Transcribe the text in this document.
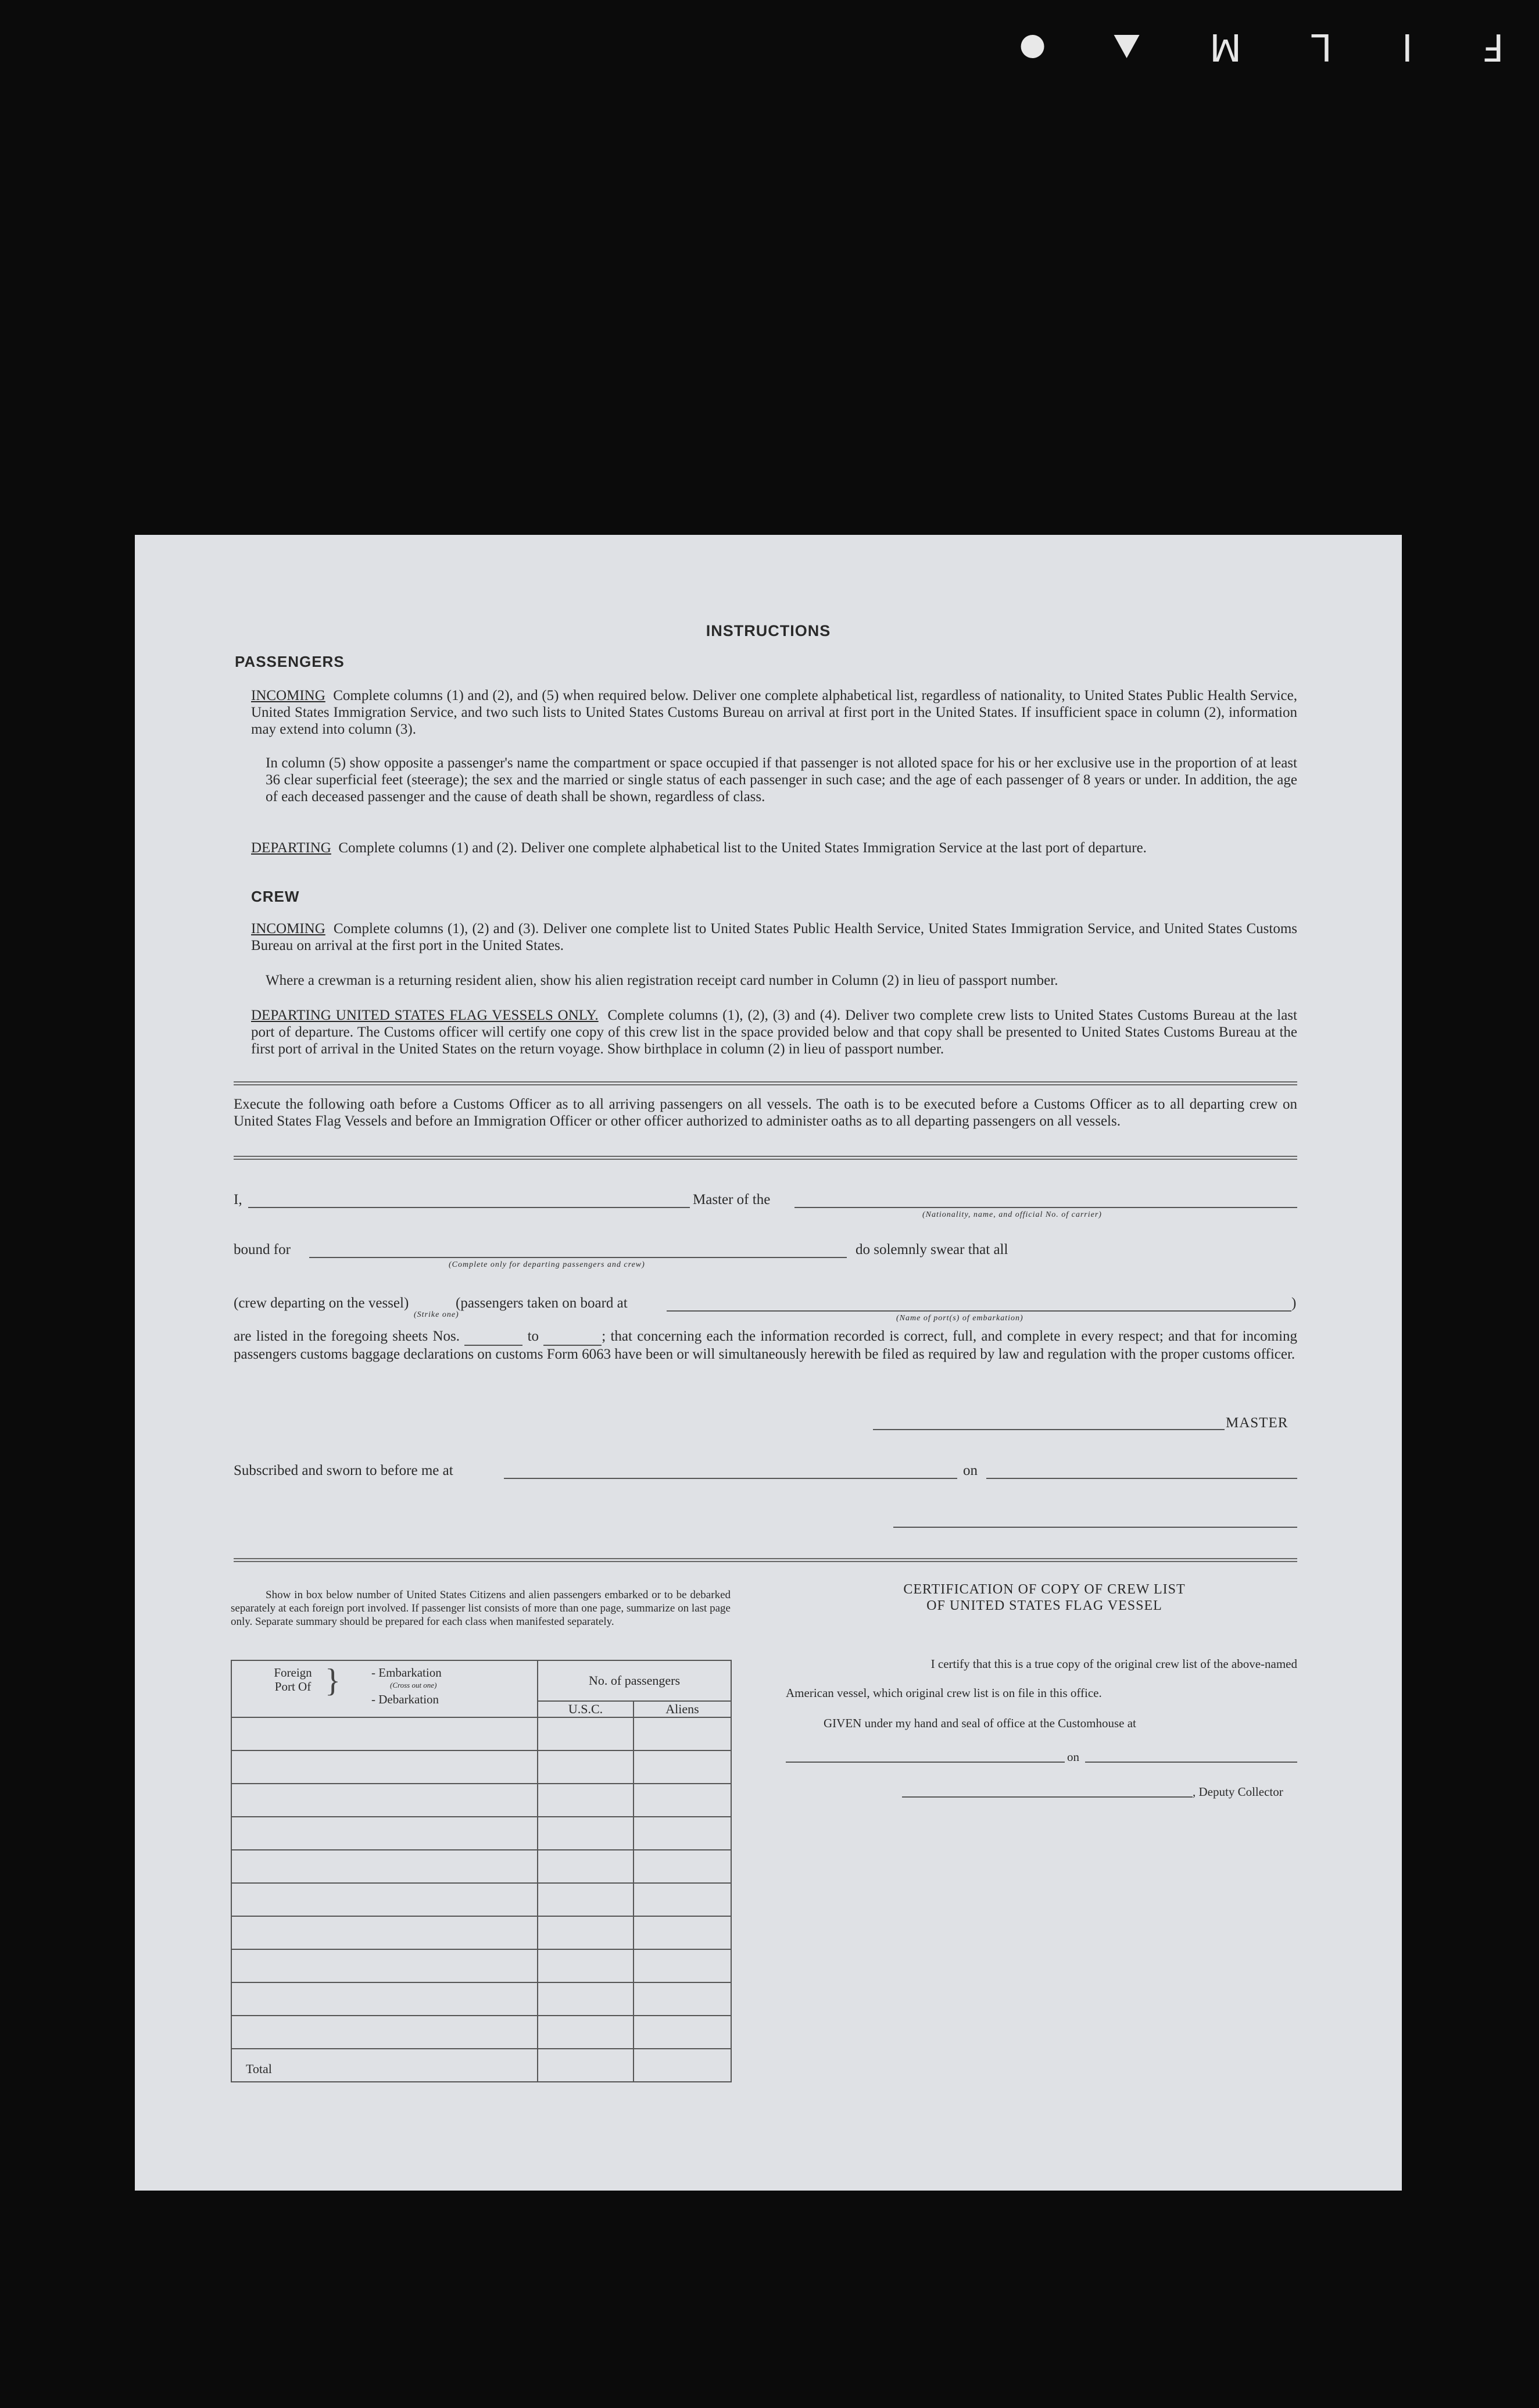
F
I
L
M
INSTRUCTIONS
PASSENGERS
INCOMING Complete columns (1) and (2), and (5) when required below. Deliver one complete alphabetical list, regardless of nationality, to United States Public Health Service, United States Immigration Service, and two such lists to United States Customs Bureau on arrival at first port in the United States. If insufficient space in column (2), information may extend into column (3).
In column (5) show opposite a passenger's name the compartment or space occupied if that passenger is not alloted space for his or her exclusive use in the proportion of at least 36 clear superficial feet (steerage); the sex and the married or single status of each passenger in such case; and the age of each passenger of 8 years or under. In addition, the age of each deceased passenger and the cause of death shall be shown, regardless of class.
DEPARTING Complete columns (1) and (2). Deliver one complete alphabetical list to the United States Immigration Service at the last port of departure.
CREW
INCOMING Complete columns (1), (2) and (3). Deliver one complete list to United States Public Health Service, United States Immigration Service, and United States Customs Bureau on arrival at the first port in the United States.
Where a crewman is a returning resident alien, show his alien registration receipt card number in Column (2) in lieu of passport number.
DEPARTING UNITED STATES FLAG VESSELS ONLY. Complete columns (1), (2), (3) and (4). Deliver two complete crew lists to United States Customs Bureau at the last port of departure. The Customs officer will certify one copy of this crew list in the space provided below and that copy shall be presented to United States Customs Bureau at the first port of arrival in the United States on the return voyage. Show birthplace in column (2) in lieu of passport number.
Execute the following oath before a Customs Officer as to all arriving passengers on all vessels. The oath is to be executed before a Customs Officer as to all departing crew on United States Flag Vessels and before an Immigration Officer or other officer authorized to administer oaths as to all departing passengers on all vessels.
I,	Master of the
(Nationality, name, and official No. of carrier)
bound for
(Complete only for departing passengers and crew)
do solemnly swear that all
(crew departing on the vessel)	(passengers taken on board at
(Strike one)	(Name of port(s) of embarkation)
)
are listed in the foregoing sheets Nos.	to	; that concerning each the information recorded is correct, full, and complete in every respect; and that for incoming passengers customs baggage declarations on customs Form 6063 have been or will simultaneously herewith be filed as required by law and regulation with the proper customs officer.
MASTER
Subscribed and sworn to before me at	on
Show in box below number of United States Citizens and alien passengers embarked or to be debarked separately at each foreign port involved. If passenger list consists of more than one page, summarize on last page only. Separate summary should be prepared for each class when manifested separately.
Foreign Port Of } - Embarkation
(Cross out one)
- Debarkation	No. of passengers	
	U.S.C.	Aliens

Total		
CERTIFICATION OF COPY OF CREW LIST
OF UNITED STATES FLAG VESSEL
I certify that this is a true copy of the original crew list of the above-named
American vessel, which original crew list is on file in this office.
GIVEN under my hand and seal of office at the Customhouse at
on
, Deputy Collector
